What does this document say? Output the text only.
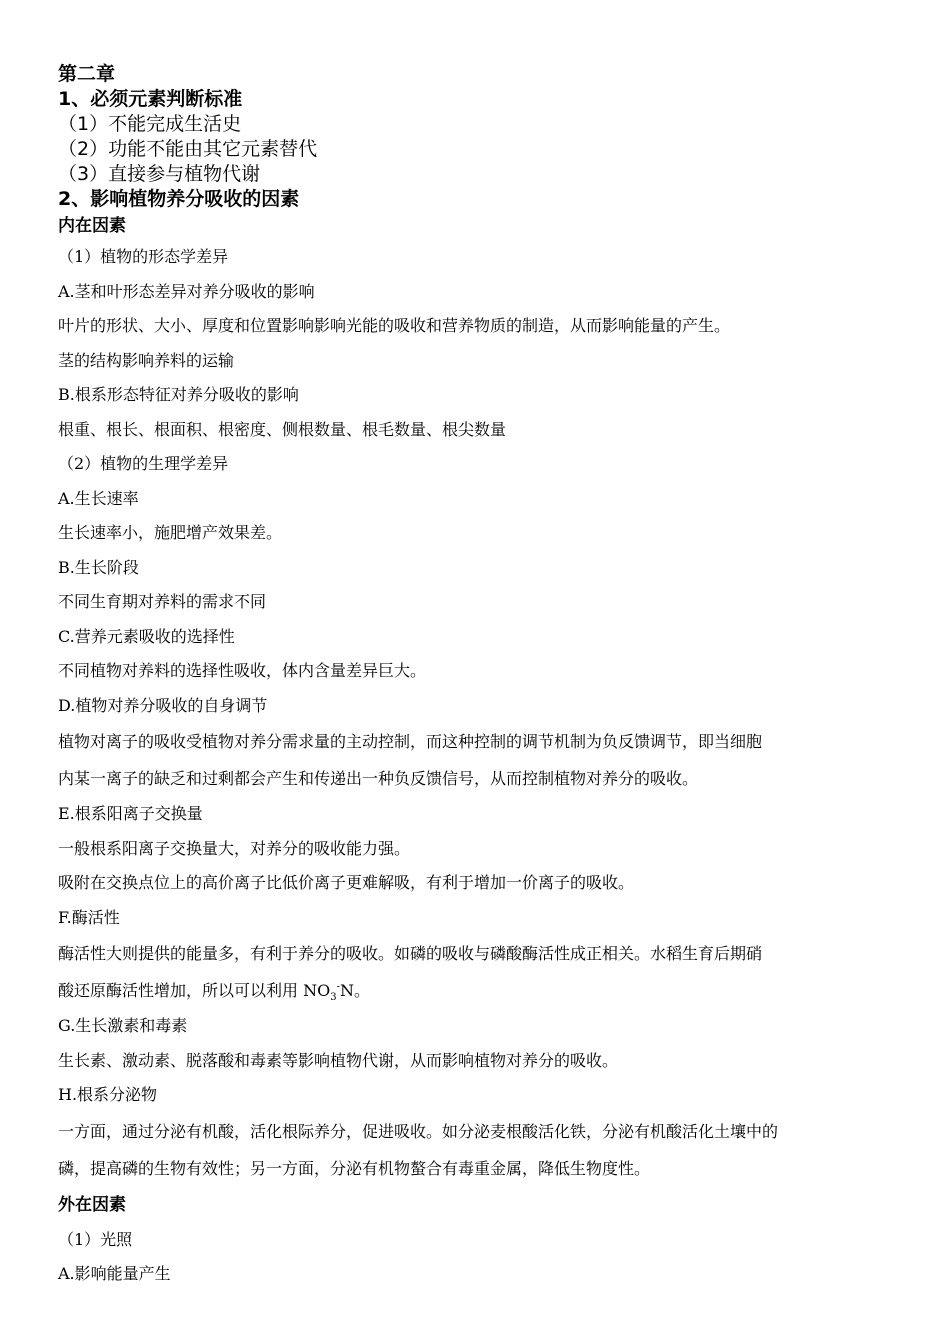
第二章
1、必须元素判断标准
（1）不能完成生活史
（2）功能不能由其它元素替代
（3）直接参与植物代谢
2、影响植物养分吸收的因素
内在因素
（1）植物的形态学差异
A.茎和叶形态差异对养分吸收的影响
叶片的形状、大小、厚度和位置影响影响光能的吸收和营养物质的制造，从而影响能量的产生。
茎的结构影响养料的运输
B.根系形态特征对养分吸收的影响
根重、根长、根面积、根密度、侧根数量、根毛数量、根尖数量
（2）植物的生理学差异
A.生长速率
生长速率小，施肥增产效果差。
B.生长阶段
不同生育期对养料的需求不同
C.营养元素吸收的选择性
不同植物对养料的选择性吸收，体内含量差异巨大。
D.植物对养分吸收的自身调节
植物对离子的吸收受植物对养分需求量的主动控制，而这种控制的调节机制为负反馈调节，即当细胞
内某一离子的缺乏和过剩都会产生和传递出一种负反馈信号，从而控制植物对养分的吸收。
E.根系阳离子交换量
一般根系阳离子交换量大，对养分的吸收能力强。
吸附在交换点位上的高价离子比低价离子更难解吸，有利于增加一价离子的吸收。
F.酶活性
酶活性大则提供的能量多，有利于养分的吸收。如磷的吸收与磷酸酶活性成正相关。水稻生育后期硝
酸还原酶活性增加，所以可以利用 $NO_3^-N$。
G.生长激素和毒素
生长素、激动素、脱落酸和毒素等影响植物代谢，从而影响植物对养分的吸收。
H.根系分泌物
一方面，通过分泌有机酸，活化根际养分，促进吸收。如分泌麦根酸活化铁，分泌有机酸活化土壤中的
磷，提高磷的生物有效性；另一方面，分泌有机物螯合有毒重金属，降低生物度性。
外在因素
（1）光照
A.影响能量产生
